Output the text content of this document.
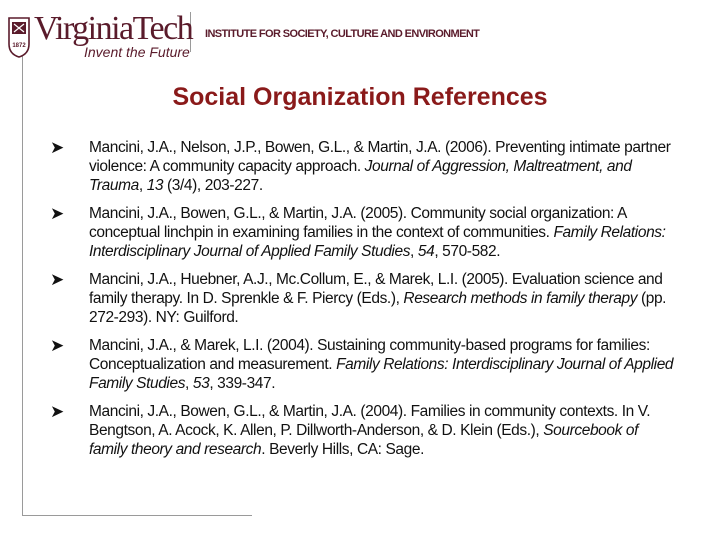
1872 VirginiaTech
Invent the Future
INSTITUTE FOR SOCIETY, CULTURE AND ENVIRONMENT
Social Organization References
➤ Mancini, J.A., Nelson, J.P., Bowen, G.L., & Martin, J.A. (2006). Preventing intimate partner violence: A community capacity approach. Journal of Aggression, Maltreatment, and Trauma, 13 (3/4), 203-227.
➤ Mancini, J.A., Bowen, G.L., & Martin, J.A. (2005). Community social organization: A conceptual linchpin in examining families in the context of communities. Family Relations: Interdisciplinary Journal of Applied Family Studies, 54, 570-582.
➤ Mancini, J.A., Huebner, A.J., Mc.Collum, E., & Marek, L.I. (2005). Evaluation science and family therapy. In D. Sprenkle & F. Piercy (Eds.), Research methods in family therapy (pp. 272-293). NY: Guilford.
➤ Mancini, J.A., & Marek, L.I. (2004). Sustaining community-based programs for families: Conceptualization and measurement. Family Relations: Interdisciplinary Journal of Applied Family Studies, 53, 339-347.
➤ Mancini, J.A., Bowen, G.L., & Martin, J.A. (2004). Families in community contexts. In V. Bengtson, A. Acock, K. Allen, P. Dillworth-Anderson, & D. Klein (Eds.), Sourcebook of family theory and research. Beverly Hills, CA: Sage.
